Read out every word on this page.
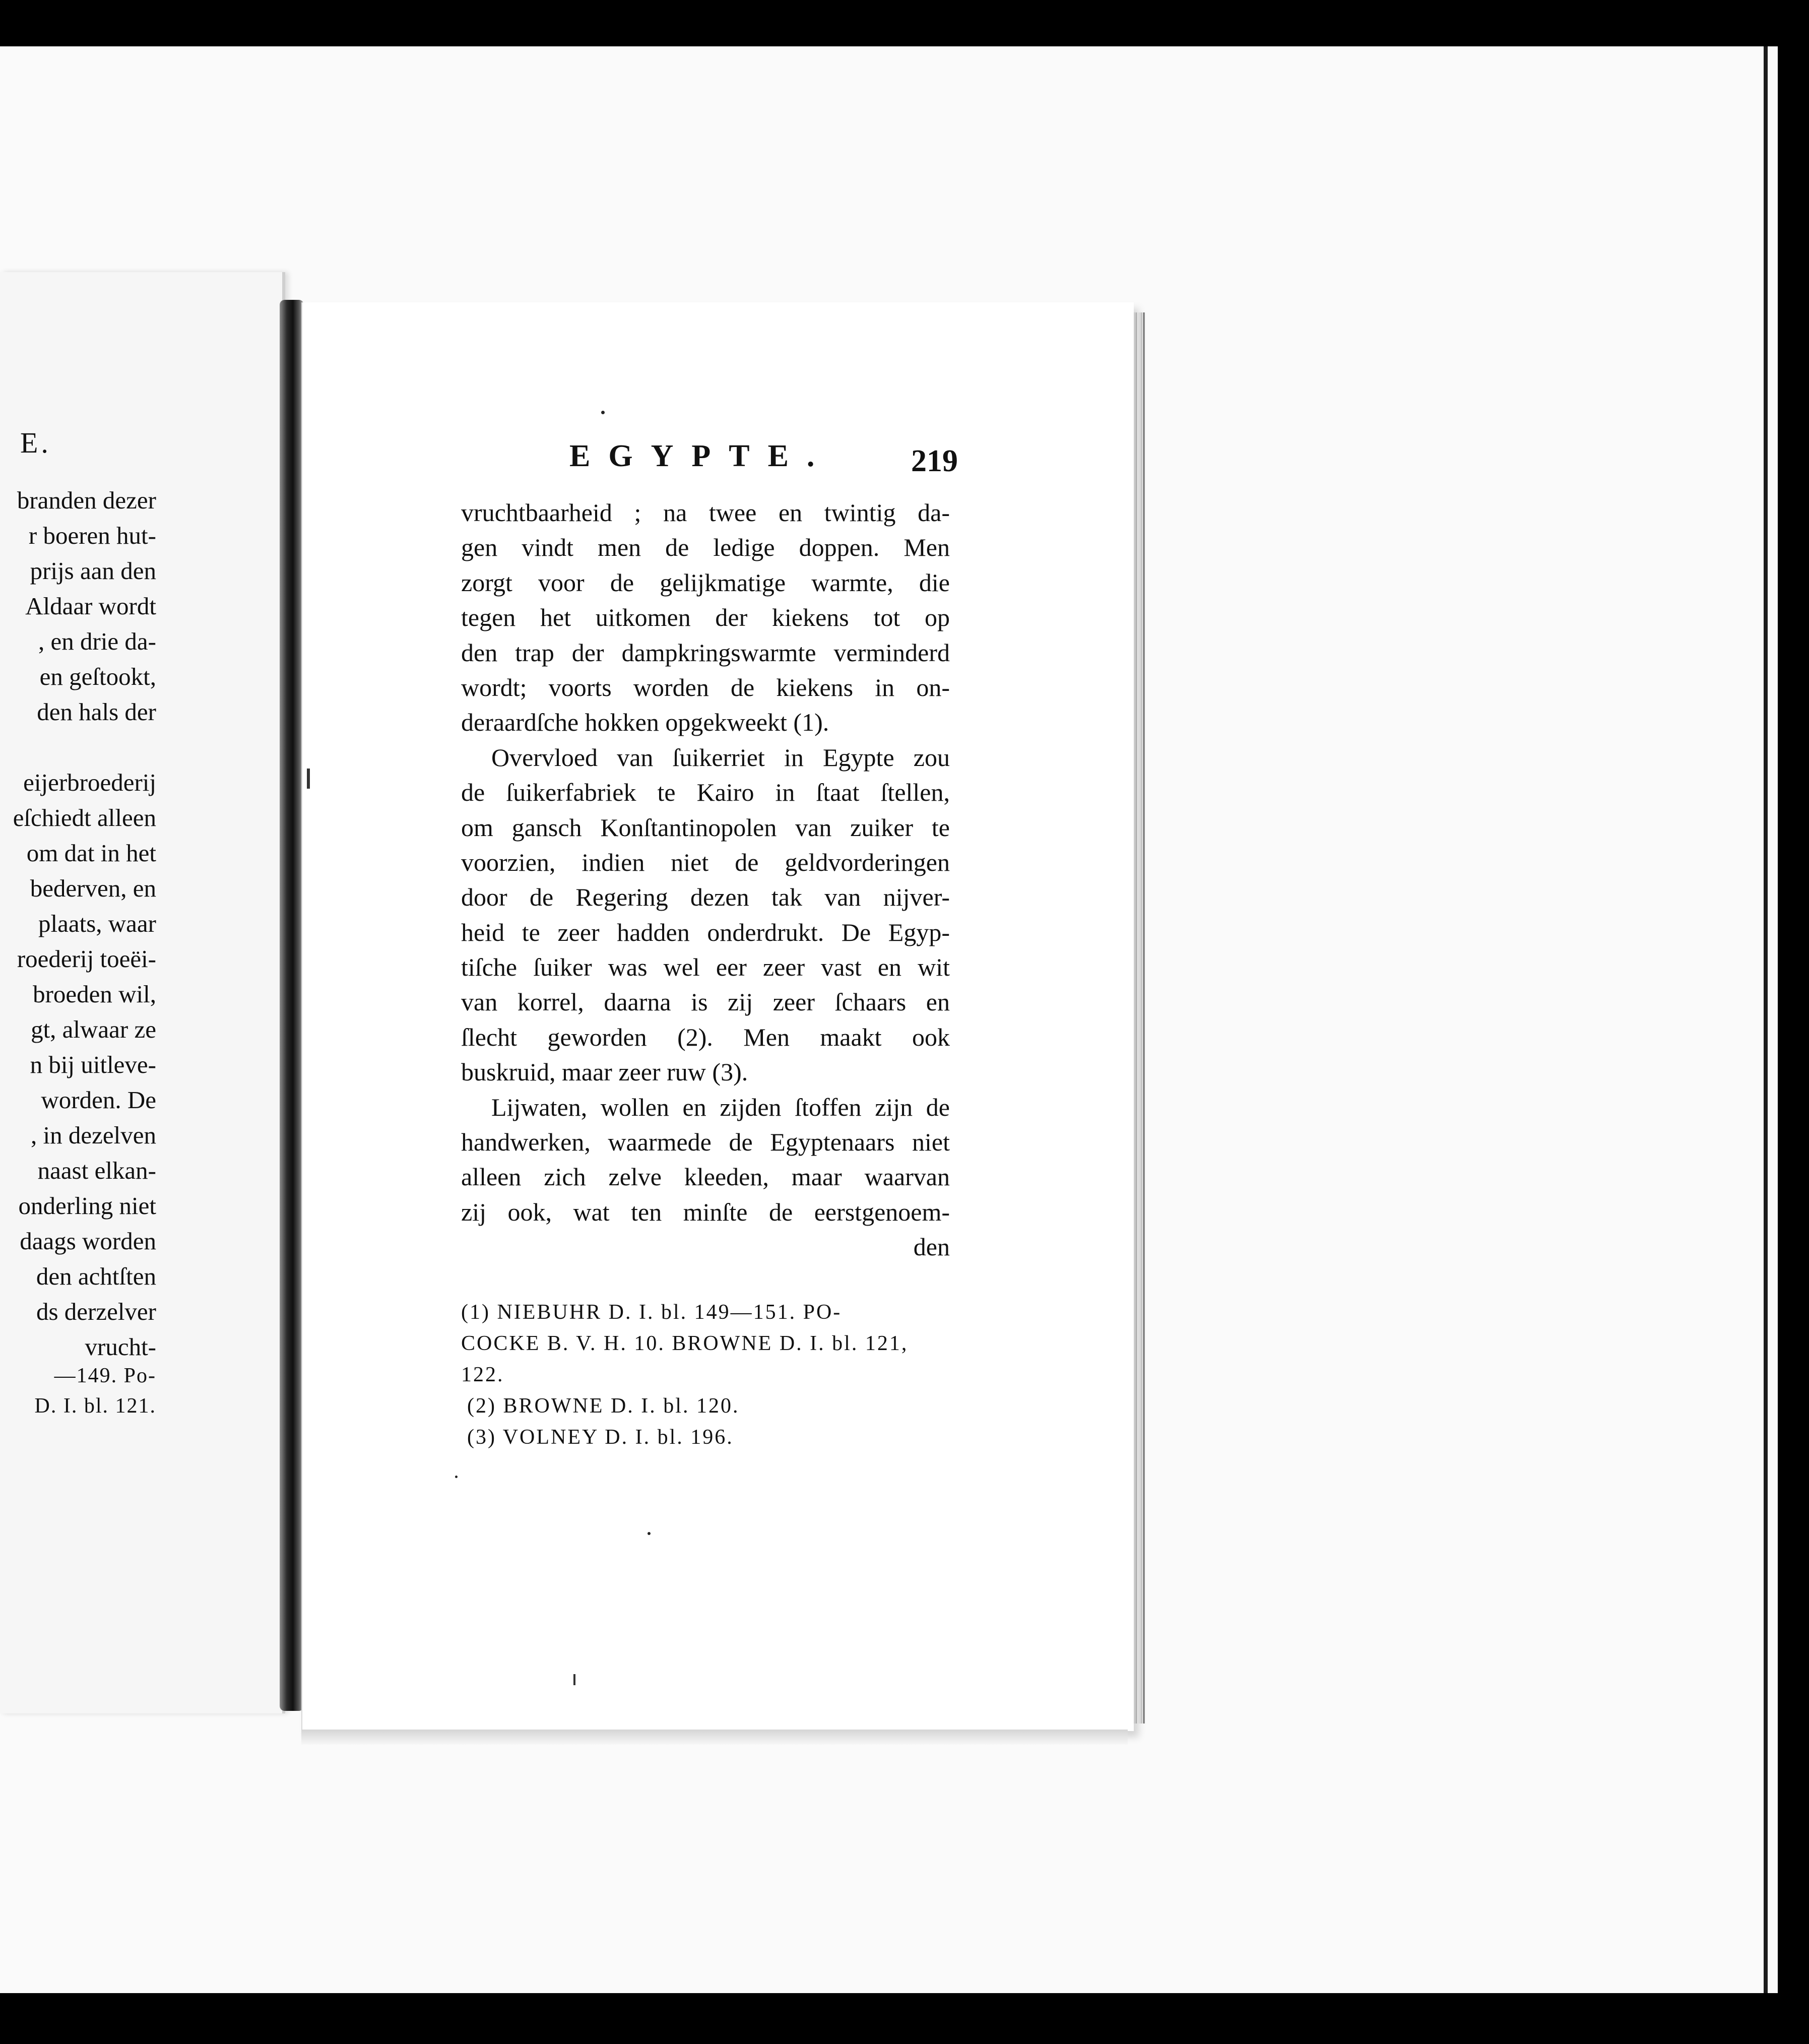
E.
branden dezer
r boeren hut-
prijs aan den
Aldaar wordt
, en drie da-
en geſtookt,
den hals der
eijerbroederij
eſchiedt alleen
om dat in het
bederven, en
plaats, waar
roederij toeëi-
broeden wil,
gt, alwaar ze
n bij uitleve-
worden. De
, in dezelven
naast elkan-
onderling niet
daags worden
den achtſten
ds derzelver
vrucht-
—149. Po-
D. I. bl. 121.
EGYPTE.	219
vruchtbaarheid ; na twee en twintig da-
gen vindt men de ledige doppen. Men
zorgt voor de gelijkmatige warmte, die
tegen het uitkomen der kiekens tot op
den trap der dampkringswarmte verminderd
wordt; voorts worden de kiekens in on-
deraardſche hokken opgekweekt (1).
Overvloed van ſuikerriet in Egypte zou
de ſuikerfabriek te Kairo in ſtaat ſtellen,
om gansch Konſtantinopolen van zuiker te
voorzien, indien niet de geldvorderingen
door de Regering dezen tak van nijver-
heid te zeer hadden onderdrukt. De Egyp-
tiſche ſuiker was wel eer zeer vast en wit
van korrel, daarna is zij zeer ſchaars en
ſlecht geworden (2). Men maakt ook
buskruid, maar zeer ruw (3).
Lijwaten, wollen en zijden ſtoffen zijn de
handwerken, waarmede de Egyptenaars niet
alleen zich zelve kleeden, maar waarvan
zij ook, wat ten minſte de eerstgenoem-
den
(1) NIEBUHR D. I. bl. 149—151. PO-
COCKE B. V. H. 10. BROWNE D. I. bl. 121,
122.
(2) BROWNE D. I. bl. 120.
(3) VOLNEY D. I. bl. 196.
